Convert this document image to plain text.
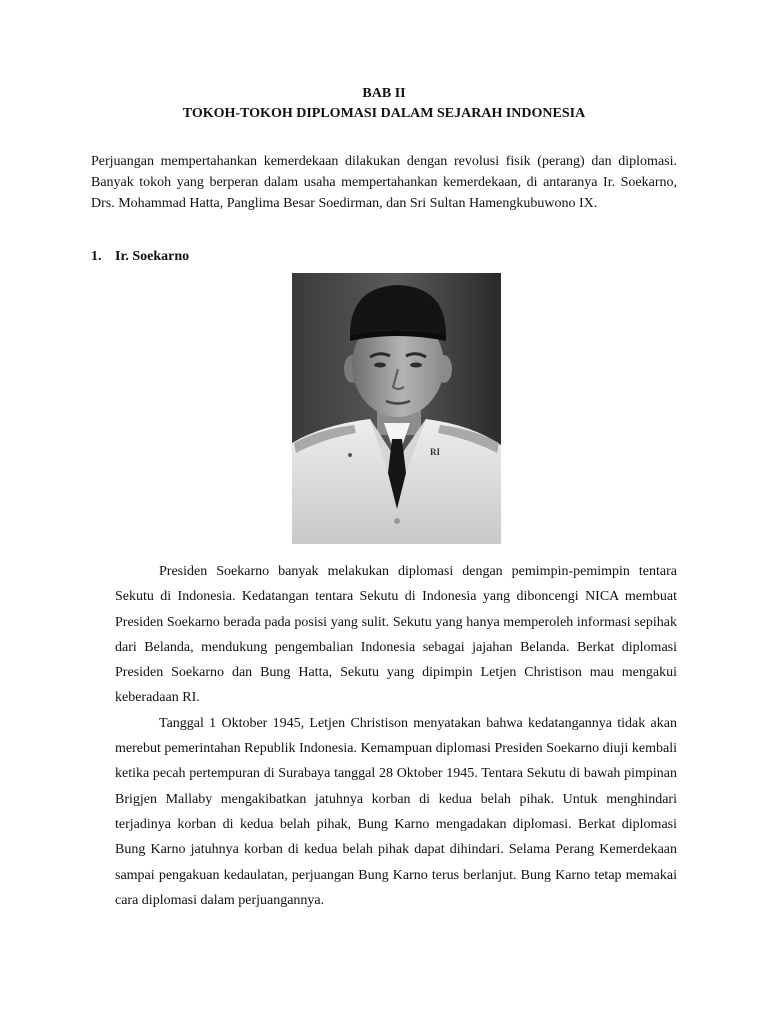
BAB II
TOKOH-TOKOH DIPLOMASI DALAM SEJARAH INDONESIA

Perjuangan mempertahankan kemerdekaan dilakukan dengan revolusi fisik (perang) dan diplomasi. Banyak tokoh yang berperan dalam usaha mempertahankan kemerdekaan, di antaranya Ir. Soekarno, Drs. Mohammad Hatta, Panglima Besar Soedirman, dan Sri Sultan Hamengkubuwono IX.

1. Ir. Soekarno
RI

Presiden Soekarno banyak melakukan diplomasi dengan pemimpin-pemimpin tentara Sekutu di Indonesia. Kedatangan tentara Sekutu di Indonesia yang diboncengi NICA membuat Presiden Soekarno berada pada posisi yang sulit. Sekutu yang hanya memperoleh informasi sepihak dari Belanda, mendukung pengembalian Indonesia sebagai jajahan Belanda. Berkat diplomasi Presiden Soekarno dan Bung Hatta, Sekutu yang dipimpin Letjen Christison mau mengakui keberadaan RI.

Tanggal 1 Oktober 1945, Letjen Christison menyatakan bahwa kedatangannya tidak akan merebut pemerintahan Republik Indonesia. Kemampuan diplomasi Presiden Soekarno diuji kembali ketika pecah pertempuran di Surabaya tanggal 28 Oktober 1945. Tentara Sekutu di bawah pimpinan Brigjen Mallaby mengakibatkan jatuhnya korban di kedua belah pihak. Untuk menghindari terjadinya korban di kedua belah pihak, Bung Karno mengadakan diplomasi. Berkat diplomasi Bung Karno jatuhnya korban di kedua belah pihak dapat dihindari. Selama Perang Kemerdekaan sampai pengakuan kedaulatan, perjuangan Bung Karno terus berlanjut. Bung Karno tetap memakai cara diplomasi dalam perjuangannya.
